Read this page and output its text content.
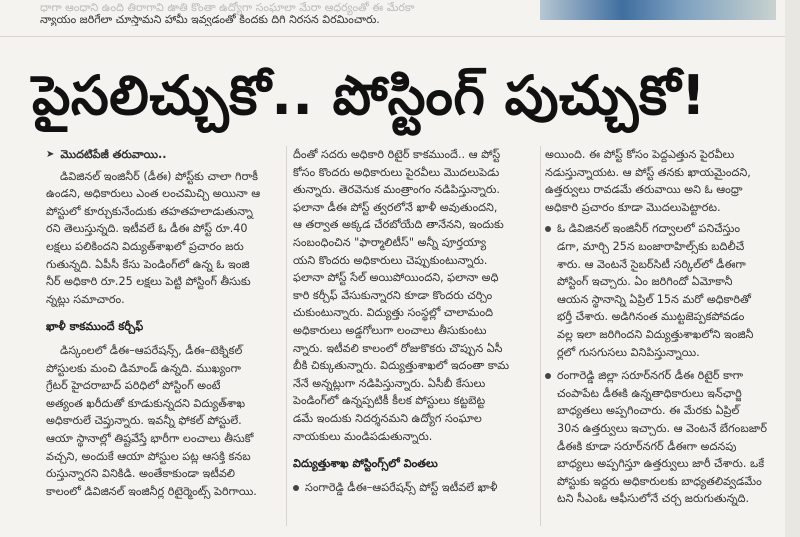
ధాగా ఆంధాని ఉంది తిరాగావి ఉాతి కొంతా ఉద్యోగా సంఘాలా మేరా ఆధర్యంతో ఈ మేరకా
న్యాయం జరిగేలా చూస్తామని హామీ ఇవ్వడంతో కిందకు దిగి నిరసన విరమించారు.
పైసలిచ్చుకో.. పోస్టింగ్ పుచ్చుకో!
➤ మొదటిపేజీ తరువాయి..
డివిజినల్ ఇంజినీర్ (డీఈ) పోస్ట్‌కు చాలా గిరాకీ
ఉండని, అధికారులు ఎంత లంచమిచ్చి అయినా ఆ
పోస్టులో కూర్చుకునేందుకు తహతహలాడుతున్నా
రని తెలుస్తున్నది. ఇటీవలే ఓ డీఈ పోస్ట్ రూ.40
లక్షలు పలికిందని విద్యుత్‌శాఖలో ప్రచారం జరు
గుతున్నది. ఏపీసీ కేసు పెండింగ్‌లో ఉన్న ఓ ఇంజి
నీర్ అధికారి రూ.25 లక్షలు పెట్టి పోస్టింగ్ తీసుకు
న్నట్లు సమాచారం.
ఖాళీ కాకముందే కర్చీఫ్
డిస్కంలలో డీఈ–ఆపరేషన్స్, డీఈ–టెక్నికల్
పోస్టులకు మంచి డిమాండ్ ఉన్నది. ముఖ్యంగా
గ్రేటర్ హైదరాబాద్ పరిధిలో పోస్టింగ్ అంటే
అత్యంత ఖరీదుతో కూడుకున్నదని విద్యుత్‌శాఖ
అధికారులే చెప్తున్నారు. ఇవన్నీ ఫోకల్ పోస్టులే.
ఆయా స్థానాల్లో తిష్టవేస్తే భారీగా లంచాలు తీసుకో
వచ్చని, అందుకే ఆయా పోస్టుల పట్ల ఆసక్తి కనబ
రుస్తున్నారని వినికిడి. అంతేకాకుండా ఇటీవలి
కాలంలో డివిజినల్ ఇంజినీర్ల రిటైర్మెంట్స్ పెరిగాయి.
దీంతో సదరు అధికారి రిటైర్ కాకముందే.. ఆ పోస్ట్
కోసం కొందరు అధికారులు పైరవీలు మొదలుపెడు
తున్నారు. తెరవెనుక మంత్రాంగం నడిపిస్తున్నారు.
ఫలానా డీఈ పోస్ట్ త్వరలోనే ఖాళీ అవుతుందని,
ఆ తర్వాత అక్కడ చేరబోయేది తానేనని, ఇందుకు
సంబంధించిన "ఫార్మాలిటీస్" అన్నీ పూర్తయ్యా
యని కొందరు అధికారులు చెప్పుకుంటున్నారు.
ఫలానా పోస్ట్ సేల్ అయిపోయిందని, ఫలానా అధి
కారి కర్చీఫ్ వేసుకున్నారని కూడా కొందరు చర్చిం
చుకుంటున్నారు. విద్యుత్తు సంస్థల్లో చాలామంది
అధికారులు అడ్డగోలుగా లంచాలు తీసుకుంటు
న్నారు. ఇటీవలి కాలంలో రోజుకొకరు చొప్పున ఏసీ
బీకి చిక్కుతున్నారు. విద్యుత్తుశాఖలో ఇదంతా కామ
నేనే అన్నట్లుగా నడిపిస్తున్నారు. ఏసీబీ కేసులు
పెండింగ్‌లో ఉన్నప్పటికీ కీలక పోస్టులు కట్టబెట్ట
డమే ఇందుకు నిదర్శనమని ఉద్యోగ సంఘాల
నాయకులు మండిపడుతున్నారు.
విద్యుత్తుశాఖ పోస్టింగ్స్‌లో వింతలు
సంగారెడ్డి డీఈ–ఆపరేషన్స్ పోస్ట్ ఇటీవలే ఖాళీ
అయింది. ఈ పోస్ట్ కోసం పెద్దఎత్తున పైరవీలు
నడుస్తున్నాయట. ఆ పోస్ట్ తనకు ఖాయమైందని,
ఉత్తర్వులు రావడమే తరువాయి అని ఓ ఆంధ్రా
అధికారి ప్రచారం కూడా మొదలుపెట్టారట.
ఓ డివిజినల్ ఇంజినీర్ గద్వాలలో పనిచేస్తుం
డగా, మార్చి 25న బంజారాహిల్స్‌కు బదిలీచే
శారు. ఆ వెంటనే సైబర్‌సిటీ సర్కిల్‌లో డీఈగా
పోస్టింగ్ ఇచ్చారు. ఏం జరిగిందో ఏమోకానీ
ఆయన స్థానాన్ని ఏప్రిల్ 15న మరో అధికారితో
భర్తీ చేశారు. అడిగినంత ముట్టజెప్పకపోవడం
వల్ల ఇలా జరిగిందని విద్యుత్తుశాఖలోని ఇంజినీ
ర్లలో గుసగుసలు వినిపిస్తున్నాయి.
రంగారెడ్డి జిల్లా సరూర్‌నగర్ డీఈ రిటైర్ కాగా
చంపాపేట డీఈకి ఉన్నతాధికారులు ఇన్‌ఛార్జి
బాధ్యతలు అప్పగించారు. ఈ మేరకు ఏప్రిల్
30న ఉత్తర్వులు ఇచ్చారు. ఆ వెంటనే బేగంబజార్
డీఈకి కూడా సరూర్‌నగర్ డీఈగా అదనపు
బాధ్యలు అప్పగిస్తూ ఉత్తర్వులు జారీ చేశారు. ఒకే
పోస్టుకు ఇద్దరు అధికారులకు బాధ్యతలివ్వడమేం
టని సీఎంఓ ఆఫీసులోనే చర్చ జరుగుతున్నది.
